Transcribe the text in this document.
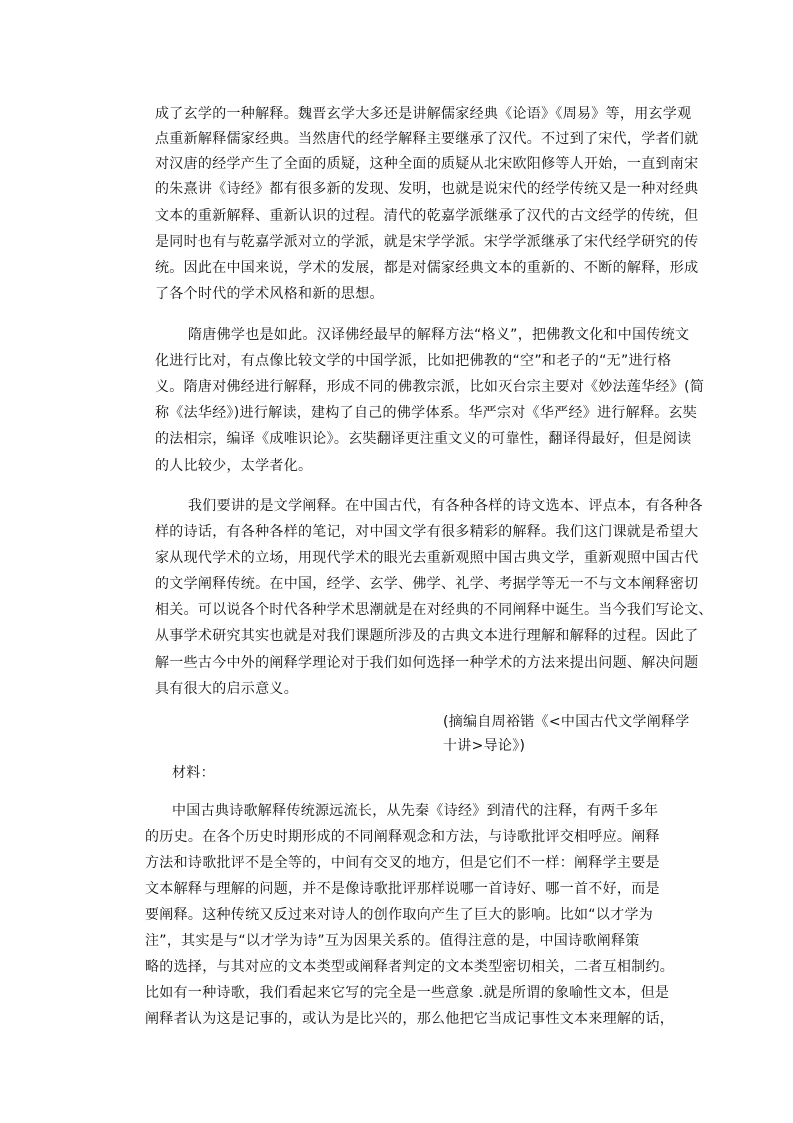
成了玄学的一种解释。魏晋玄学大多还是讲解儒家经典《论语》《周易》等，用玄学观
点重新解释儒家经典。当然唐代的经学解释主要继承了汉代。不过到了宋代，学者们就
对汉唐的经学产生了全面的质疑，这种全面的质疑从北宋欧阳修等人开始，一直到南宋
的朱熹讲《诗经》都有很多新的发现、发明，也就是说宋代的经学传统又是一种对经典
文本的重新解释、重新认识的过程。清代的乾嘉学派继承了汉代的古文经学的传统，但
是同时也有与乾嘉学派对立的学派，就是宋学学派。宋学学派继承了宋代经学研究的传
统。因此在中国来说，学术的发展，都是对儒家经典文本的重新的、不断的解释，形成
了各个时代的学术风格和新的思想。
隋唐佛学也是如此。汉译佛经最早的解释方法“格义”，把佛教文化和中国传统文
化进行比对，有点像比较文学的中国学派，比如把佛教的“空”和老子的“无”进行格
义。隋唐对佛经进行解释，形成不同的佛教宗派，比如灭台宗主要对《妙法莲华经》(简
称《法华经》)进行解读，建构了自己的佛学体系。华严宗对《华严经》进行解释。玄奘
的法相宗，编译《成唯识论》。玄奘翻译更注重文义的可靠性，翻译得最好，但是阅读
的人比较少，太学者化。
我们要讲的是文学阐释。在中国古代，有各种各样的诗文选本、评点本，有各种各
样的诗话，有各种各样的笔记，对中国文学有很多精彩的解释。我们这门课就是希望大
家从现代学术的立场，用现代学术的眼光去重新观照中国古典文学，重新观照中国古代
的文学阐释传统。在中国，经学、玄学、佛学、礼学、考据学等无一不与文本阐释密切
相关。可以说各个时代各种学术思潮就是在对经典的不同阐释中诞生。当今我们写论文、
从事学术研究其实也就是对我们课题所涉及的古典文本进行理解和解释的过程。因此了
解一些古今中外的阐释学理论对于我们如何选择一种学术的方法来提出问题、解决问题
具有很大的启示意义。
(摘编自周裕锴《<中国古代文学阐释学
十讲>导论》)
材料：
中国古典诗歌解释传统源远流长，从先秦《诗经》到清代的注释，有两千多年
的历史。在各个历史时期形成的不同阐释观念和方法，与诗歌批评交相呼应。阐释
方法和诗歌批评不是全等的，中间有交叉的地方，但是它们不一样：阐释学主要是
文本解释与理解的问题，并不是像诗歌批评那样说哪一首诗好、哪一首不好，而是
要阐释。这种传统又反过来对诗人的创作取向产生了巨大的影响。比如“以才学为
注”，其实是与“以才学为诗”互为因果关系的。值得注意的是，中国诗歌阐释策
略的选择，与其对应的文本类型或阐释者判定的文本类型密切相关，二者互相制约。
比如有一种诗歌，我们看起来它写的完全是一些意象 .就是所谓的象喻性文本，但是
阐释者认为这是记事的，或认为是比兴的，那么他把它当成记事性文本来理解的话，
